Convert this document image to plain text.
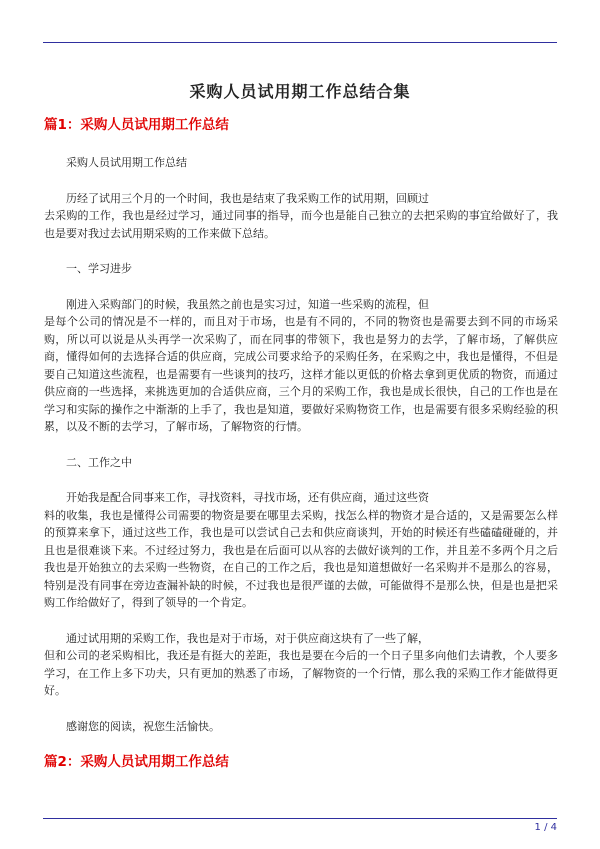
采购人员试用期工作总结合集
篇1：采购人员试用期工作总结

采购人员试用期工作总结

历经了试用三个月的一个时间，我也是结束了我采购工作的试用期，回顾过
去采购的工作，我也是经过学习，通过同事的指导，而今也是能自己独立的去把采购的事宜给做好了，我也是要对我过去试用期采购的工作来做下总结。

一、学习进步

刚进入采购部门的时候，我虽然之前也是实习过，知道一些采购的流程，但
是每个公司的情况是不一样的，而且对于市场，也是有不同的，不同的物资也是需要去到不同的市场采购，所以可以说是从头再学一次采购了，而在同事的带领下，我也是努力的去学，了解市场，了解供应商，懂得如何的去选择合适的供应商，完成公司要求给予的采购任务，在采购之中，我也是懂得，不但是要自己知道这些流程，也是需要有一些谈判的技巧，这样才能以更低的价格去拿到更优质的物资，而通过供应商的一些选择，来挑选更加的合适供应商，三个月的采购工作，我也是成长很快，自己的工作也是在学习和实际的操作之中渐渐的上手了，我也是知道，要做好采购物资工作，也是需要有很多采购经验的积累，以及不断的去学习，了解市场，了解物资的行情。

二、工作之中

开始我是配合同事来工作，寻找资料，寻找市场，还有供应商，通过这些资
料的收集，我也是懂得公司需要的物资是要在哪里去采购，找怎么样的物资才是合适的，又是需要怎么样的预算来拿下，通过这些工作，我也是可以尝试自己去和供应商谈判，开始的时候还有些磕磕碰碰的，并且也是很难谈下来。不过经过努力，我也是在后面可以从容的去做好谈判的工作，并且差不多两个月之后我也是开始独立的去采购一些物资，在自己的工作之后，我也是知道想做好一名采购并不是那么的容易，特别是没有同事在旁边查漏补缺的时候，不过我也是很严谨的去做，可能做得不是那么快，但是也是把采购工作给做好了，得到了领导的一个肯定。

通过试用期的采购工作，我也是对于市场，对于供应商这块有了一些了解，
但和公司的老采购相比，我还是有挺大的差距，我也是要在今后的一个日子里多向他们去请教，个人要多学习，在工作上多下功夫，只有更加的熟悉了市场，了解物资的一个行情，那么我的采购工作才能做得更好。

感谢您的阅读，祝您生活愉快。

篇2：采购人员试用期工作总结
1 / 4
